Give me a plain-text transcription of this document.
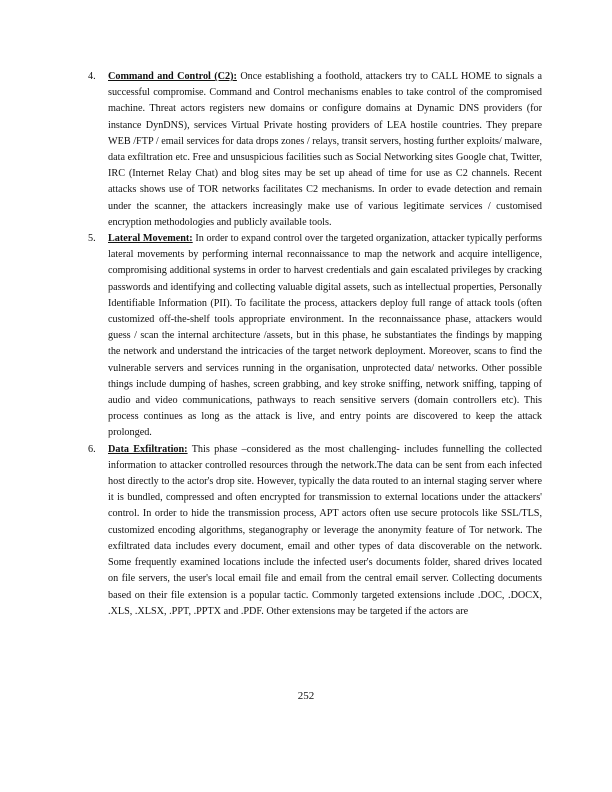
4. Command and Control (C2): Once establishing a foothold, attackers try to CALL HOME to signals a successful compromise. Command and Control mechanisms enables to take control of the compromised machine. Threat actors registers new domains or configure domains at Dynamic DNS providers (for instance DynDNS), services Virtual Private hosting providers of LEA hostile countries. They prepare WEB /FTP / email services for data drops zones / relays, transit servers, hosting further exploits/ malware, data exfiltration etc. Free and unsuspicious facilities such as Social Networking sites Google chat, Twitter, IRC (Internet Relay Chat) and blog sites may be set up ahead of time for use as C2 channels. Recent attacks shows use of TOR networks facilitates C2 mechanisms. In order to evade detection and remain under the scanner, the attackers increasingly make use of various legitimate services / customised encryption methodologies and publicly available tools.
5. Lateral Movement: In order to expand control over the targeted organization, attacker typically performs lateral movements by performing internal reconnaissance to map the network and acquire intelligence, compromising additional systems in order to harvest credentials and gain escalated privileges by cracking passwords and identifying and collecting valuable digital assets, such as intellectual properties, Personally Identifiable Information (PII). To facilitate the process, attackers deploy full range of attack tools (often customized off-the-shelf tools appropriate environment. In the reconnaissance phase, attackers would guess / scan the internal architecture /assets, but in this phase, he substantiates the findings by mapping the network and understand the intricacies of the target network deployment. Moreover, scans to find the vulnerable servers and services running in the organisation, unprotected data/ networks. Other possible things include dumping of hashes, screen grabbing, and key stroke sniffing, network sniffing, tapping of audio and video communications, pathways to reach sensitive servers (domain controllers etc). This process continues as long as the attack is live, and entry points are discovered to keep the attack prolonged.
6. Data Exfiltration: This phase –considered as the most challenging- includes funnelling the collected information to attacker controlled resources through the network.The data can be sent from each infected host directly to the actor's drop site. However, typically the data routed to an internal staging server where it is bundled, compressed and often encrypted for transmission to external locations under the attackers' control. In order to hide the transmission process, APT actors often use secure protocols like SSL/TLS, customized encoding algorithms, steganography or leverage the anonymity feature of Tor network. The exfiltrated data includes every document, email and other types of data discoverable on the network. Some frequently examined locations include the infected user's documents folder, shared drives located on file servers, the user's local email file and email from the central email server. Collecting documents based on their file extension is a popular tactic. Commonly targeted extensions include .DOC, .DOCX, .XLS, .XLSX, .PPT, .PPTX and .PDF. Other extensions may be targeted if the actors are
252
